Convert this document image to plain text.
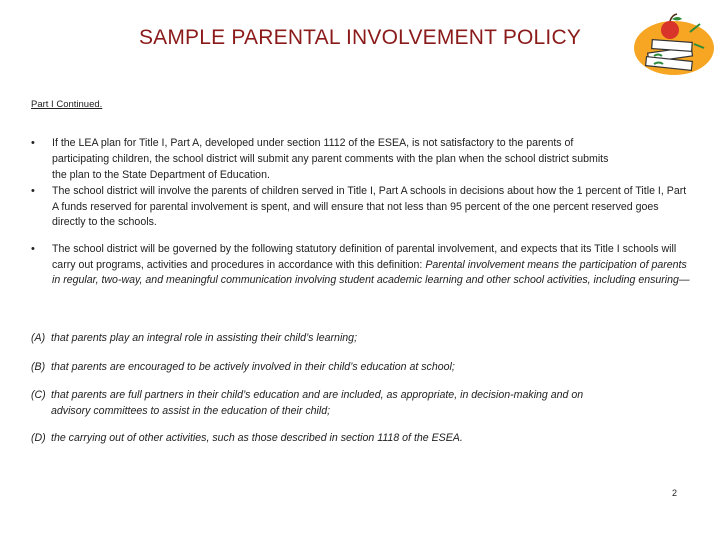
SAMPLE PARENTAL INVOLVEMENT POLICY
Part I Continued.
•	If the LEA plan for Title I, Part A, developed under section 1112 of the ESEA, is not satisfactory to the parents of
participating children, the school district will submit any parent comments with the plan when the school district submits
the plan to the State Department of Education.
•	The school district will involve the parents of children served in Title I, Part A schools in decisions about how the 1 percent of Title I, Part A funds reserved for parental involvement is spent, and will ensure that not less than 95 percent of the one percent reserved goes directly to the schools.
•	The school district will be governed by the following statutory definition of parental involvement, and expects that its Title I schools will carry out programs, activities and procedures in accordance with this definition: Parental involvement means the participation of parents in regular, two-way, and meaningful communication involving student academic learning and other school activities, including ensuring—
(A) that parents play an integral role in assisting their child’s learning;
(B) that parents are encouraged to be actively involved in their child’s education at school;
(C) that parents are full partners in their child’s education and are included, as appropriate, in decision-making and on
advisory committees to assist in the education of their child;
(D) the carrying out of other activities, such as those described in section 1118 of the ESEA.
2
